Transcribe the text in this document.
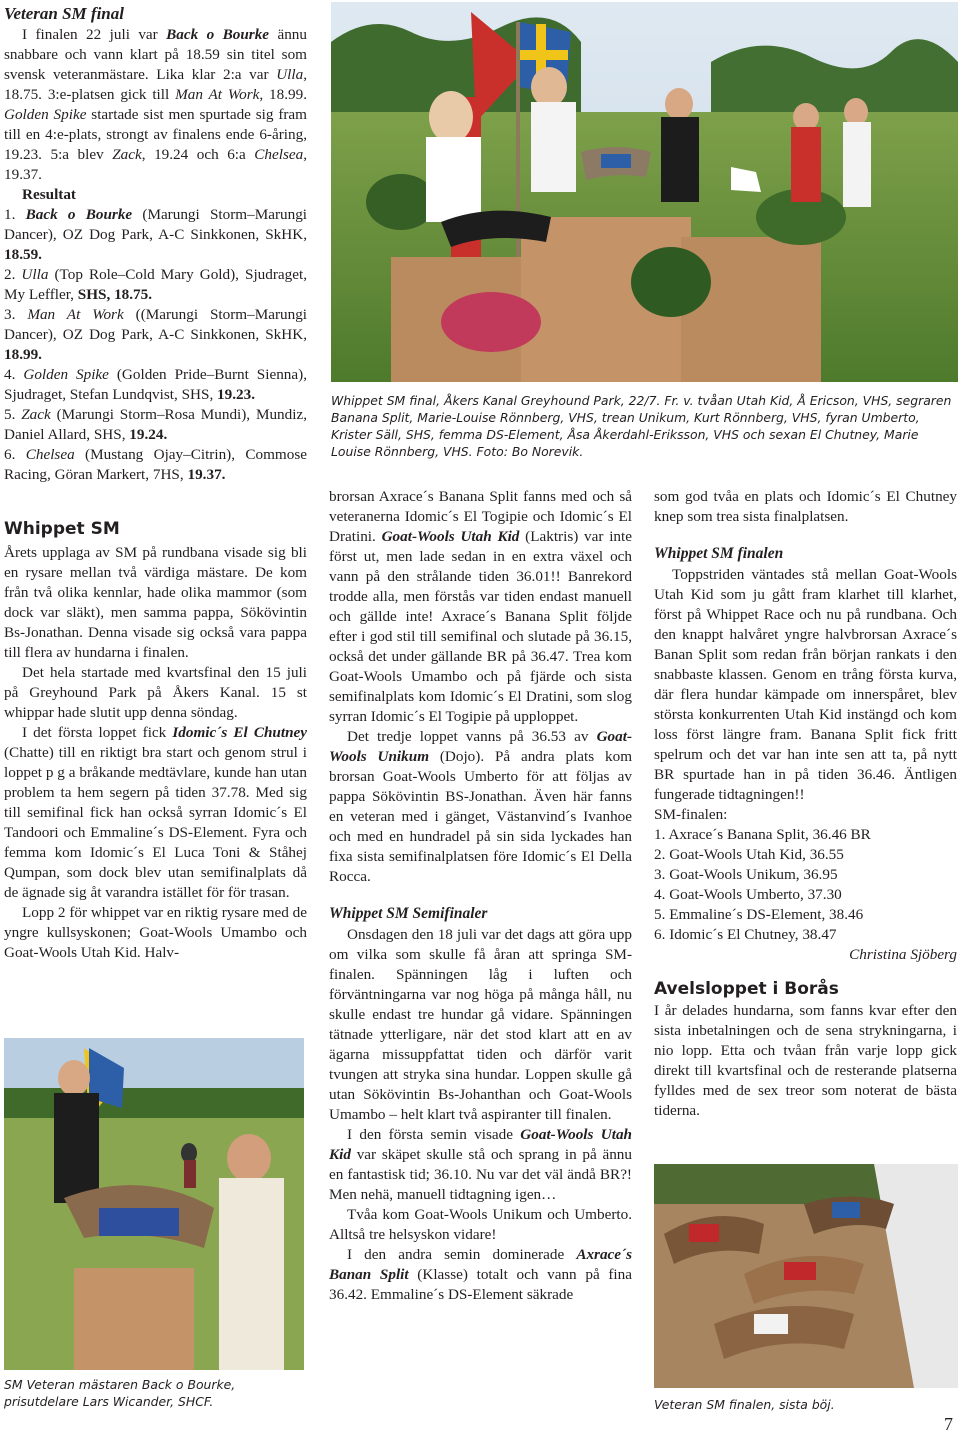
Veteran SM final

I finalen 22 juli var Back o Bourke ännu snabbare och vann klart på 18.59 sin titel som svensk veteranmästare. Lika klar 2:a var Ulla, 18.75. 3:e-platsen gick till Man At Work, 18.99. Golden Spike startade sist men spurtade sig fram till en 4:e-plats, strongt av finalens ende 6-åring, 19.23. 5:a blev Zack, 19.24 och 6:a Chelsea, 19.37.

Resultat

1. Back o Bourke (Marungi Storm–Marungi Dancer), OZ Dog Park, A-C Sinkkonen, SkHK, 18.59.

2. Ulla (Top Role–Cold Mary Gold), Sjudraget, My Leffler, SHS, 18.75.

3. Man At Work ((Marungi Storm–Marungi Dancer), OZ Dog Park, A-C Sinkkonen, SkHK, 18.99.

4. Golden Spike (Golden Pride–Burnt Sienna), Sjudraget, Stefan Lundqvist, SHS, 19.23.

5. Zack (Marungi Storm–Rosa Mundi), Mundiz, Daniel Allard, SHS, 19.24.

6. Chelsea (Mustang Ojay–Citrin), Commose Racing, Göran Markert, 7HS, 19.37.

Whippet SM

Årets upplaga av SM på rundbana visade sig bli en rysare mellan två värdiga mästare. De kom från två olika kennlar, hade olika mammor (som dock var släkt), men samma pappa, Sökövintin Bs-Jonathan. Denna visade sig också vara pappa till flera av hundarna i finalen.

Det hela startade med kvartsfinal den 15 juli på Greyhound Park på Åkers Kanal. 15 st whippar hade slutit upp denna söndag.

I det första loppet fick Idomic´s El Chutney (Chatte) till en riktigt bra start och genom strul i loppet p g a bråkande medtävlare, kunde han utan problem ta hem segern på tiden 37.78. Med sig till semifinal fick han också syrran Idomic´s El Tandoori och Emmaline´s DS-Element. Fyra och femma kom Idomic´s El Luca Toni & Ståhej Qumpan, som dock blev utan semifinalplats då de ägnade sig åt varandra istället för för trasan.

Lopp 2 för whippet var en riktig rysare med de yngre kullsyskonen; Goat-Wools Umambo och Goat-Wools Utah Kid. Halv-

Whippet SM final, Åkers Kanal Greyhound Park, 22/7. Fr. v. tvåan Utah Kid, Å Ericson, VHS, segraren Banana Split, Marie-Louise Rönnberg, VHS, trean Unikum, Kurt Rönnberg, VHS, fyran Umberto, Krister Säll, SHS, femma DS-Element, Åsa Åkerdahl-Eriksson, VHS och sexan El Chutney, Marie Louise Rönnberg, VHS. Foto: Bo Norevik.

brorsan Axrace´s Banana Split fanns med och så veteranerna Idomic´s El Togipie och Idomic´s El Dratini. Goat-Wools Utah Kid (Laktris) var inte först ut, men lade sedan in en extra växel och vann på den strålande tiden 36.01!! Banrekord trodde alla, men förstås var tiden endast manuell och gällde inte! Axrace´s Banana Split följde efter i god stil till semifinal och slutade på 36.15, också det under gällande BR på 36.47. Trea kom Goat-Wools Umambo och på fjärde och sista semifinalplats kom Idomic´s El Dratini, som slog syrran Idomic´s El Togipie på upploppet.

Det tredje loppet vanns på 36.53 av Goat-Wools Unikum (Dojo). På andra plats kom brorsan Goat-Wools Umberto för att följas av pappa Sökövintin BS-Jonathan. Även här fanns en veteran med i gänget, Västanvind´s Ivanhoe och med en hundradel på sin sida lyckades han fixa sista semifinalplatsen före Idomic´s El Della Rocca.

Whippet SM Semifinaler

Onsdagen den 18 juli var det dags att göra upp om vilka som skulle få åran att springa SM-finalen. Spänningen låg i luften och förväntningarna var nog höga på många håll, nu skulle endast tre hundar gå vidare. Spänningen tätnade ytterligare, när det stod klart att en av ägarna missuppfattat tiden och därför varit tvungen att stryka sina hundar. Loppen skulle gå utan Sökövintin Bs-Johanthan och Goat-Wools Umambo – helt klart två aspiranter till finalen.

I den första semin visade Goat-Wools Utah Kid var skäpet skulle stå och sprang in på ännu en fantastisk tid; 36.10. Nu var det väl ändå BR?! Men nehä, manuell tidtagning igen…

Tvåa kom Goat-Wools Unikum och Umberto. Alltså tre helsyskon vidare!

I den andra semin dominerade Axrace´s Banan Split (Klasse) totalt och vann på fina 36.42. Emmaline´s DS-Element säkrade

som god tvåa en plats och Idomic´s El Chutney knep som trea sista finalplatsen.

Whippet SM finalen

Toppstriden väntades stå mellan Goat-Wools Utah Kid som ju gått fram klarhet till klarhet, först på Whippet Race och nu på rundbana. Och den knappt halvåret yngre halvbrorsan Axrace´s Banan Split som redan från början rankats i den snabbaste klassen. Genom en trång första kurva, där flera hundar kämpade om innerspåret, blev största konkurrenten Utah Kid instängd och kom loss först längre fram. Banana Split fick fritt spelrum och det var han inte sen att ta, på nytt BR spurtade han in på tiden 36.46. Äntligen fungerade tidtagningen!!

SM-finalen:

1. Axrace´s Banana Split, 36.46 BR

2. Goat-Wools Utah Kid, 36.55

3. Goat-Wools Unikum, 36.95

4. Goat-Wools Umberto, 37.30

5. Emmaline´s DS-Element, 38.46

6. Idomic´s El Chutney, 38.47

Christina Sjöberg

Avelsloppet i Borås

I år delades hundarna, som fanns kvar efter den sista inbetalningen och de sena strykningarna, i nio lopp. Etta och tvåan från varje lopp gick direkt till kvartsfinal och de resterande platserna fylldes med de sex treor som noterat de bästa tiderna.

SM Veteran mästaren Back o Bourke, prisutdelare Lars Wicander, SHCF.	Veteran SM finalen, sista böj.
7
